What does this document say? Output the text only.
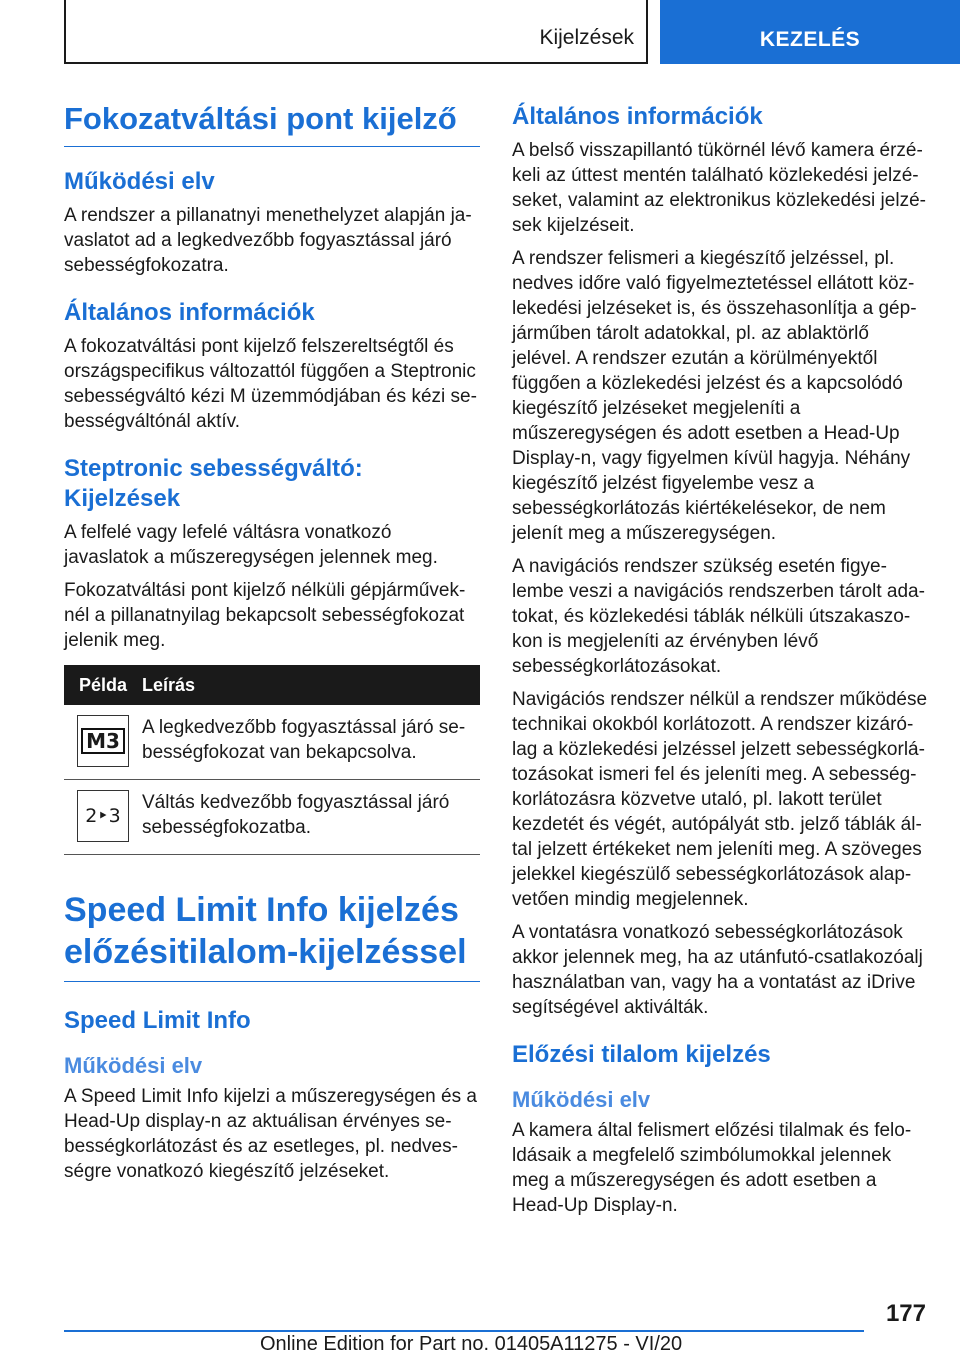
Kijelzések	KEZELÉS
Fokozatváltási pont kijelző
Működési elv

A rendszer a pillanatnyi menethelyzet alapján javaslatot ad a legkedvezőbb fogyasztással járó sebességfokozatra.

Általános információk

A fokozatváltási pont kijelző felszereltségtől és országspecifikus változattól függően a Steptronic sebességváltó kézi M üzemmódjában és kézi sebességváltónál aktív.

Steptronic sebességváltó: Kijelzések

A felfelé vagy lefelé váltásra vonatkozó javaslatok a műszeregységen jelennek meg.

Fokozatváltási pont kijelző nélküli gépjárműveknél a pillanatnyilag bekapcsolt sebességfokozat jelenik meg.

Példa Leírás
M3
A legkedvezőbb fogyasztással járó sebességfokozat van bekapcsolva.
2‣3
Váltás kedvezőbb fogyasztással járó sebességfokozatba.
Speed Limit Info kijelzés előzésitilalom-kijelzéssel
Speed Limit Info
Működési elv

A Speed Limit Info kijelzi a műszeregységen és a Head-Up display-n az aktuálisan érvényes sebességkorlátozást és az esetleges, pl. nedvességre vonatkozó kiegészítő jelzéseket.

Általános információk

A belső visszapillantó tükörnél lévő kamera érzékeli az úttest mentén található közlekedési jelzéseket, valamint az elektronikus közlekedési jelzések kijelzéseit.

A rendszer felismeri a kiegészítő jelzéssel, pl. nedves időre való figyelmeztetéssel ellátott közlekedési jelzéseket is, és összehasonlítja a gépjárműben tárolt adatokkal, pl. az ablaktörlő jelével. A rendszer ezután a körülményektől függően a közlekedési jelzést és a kapcsolódó kiegészítő jelzéseket megjeleníti a műszeregységen és adott esetben a Head-Up Display-n, vagy figyelmen kívül hagyja. Néhány kiegészítő jelzést figyelembe vesz a sebességkorlátozás kiértékelésekor, de nem jelenít meg a műszeregységen.

A navigációs rendszer szükség esetén figyelembe veszi a navigációs rendszerben tárolt adatokat, és közlekedési táblák nélküli útszakaszokon is megjeleníti az érvényben lévő sebességkorlátozásokat.

Navigációs rendszer nélkül a rendszer működése technikai okokból korlátozott. A rendszer kizárólag a közlekedési jelzéssel jelzett sebességkorlátozásokat ismeri fel és jeleníti meg. A sebességkorlátozásra közvetve utaló, pl. lakott terület kezdetét és végét, autópályát stb. jelző táblák által jelzett értékeket nem jeleníti meg. A szöveges jelekkel kiegészülő sebességkorlátozások alapvetően mindig megjelennek.

A vontatásra vonatkozó sebességkorlátozások akkor jelennek meg, ha az utánfutó-csatlakozóalj használatban van, vagy ha a vontatást az iDrive segítségével aktiválták.

Előzési tilalom kijelzés
Működési elv

A kamera által felismert előzési tilalmak és feloldásaik a megfelelő szimbólumokkal jelennek meg a műszeregységen és adott esetben a Head-Up Display-n.

177
Online Edition for Part no. 01405A11275 - VI/20
